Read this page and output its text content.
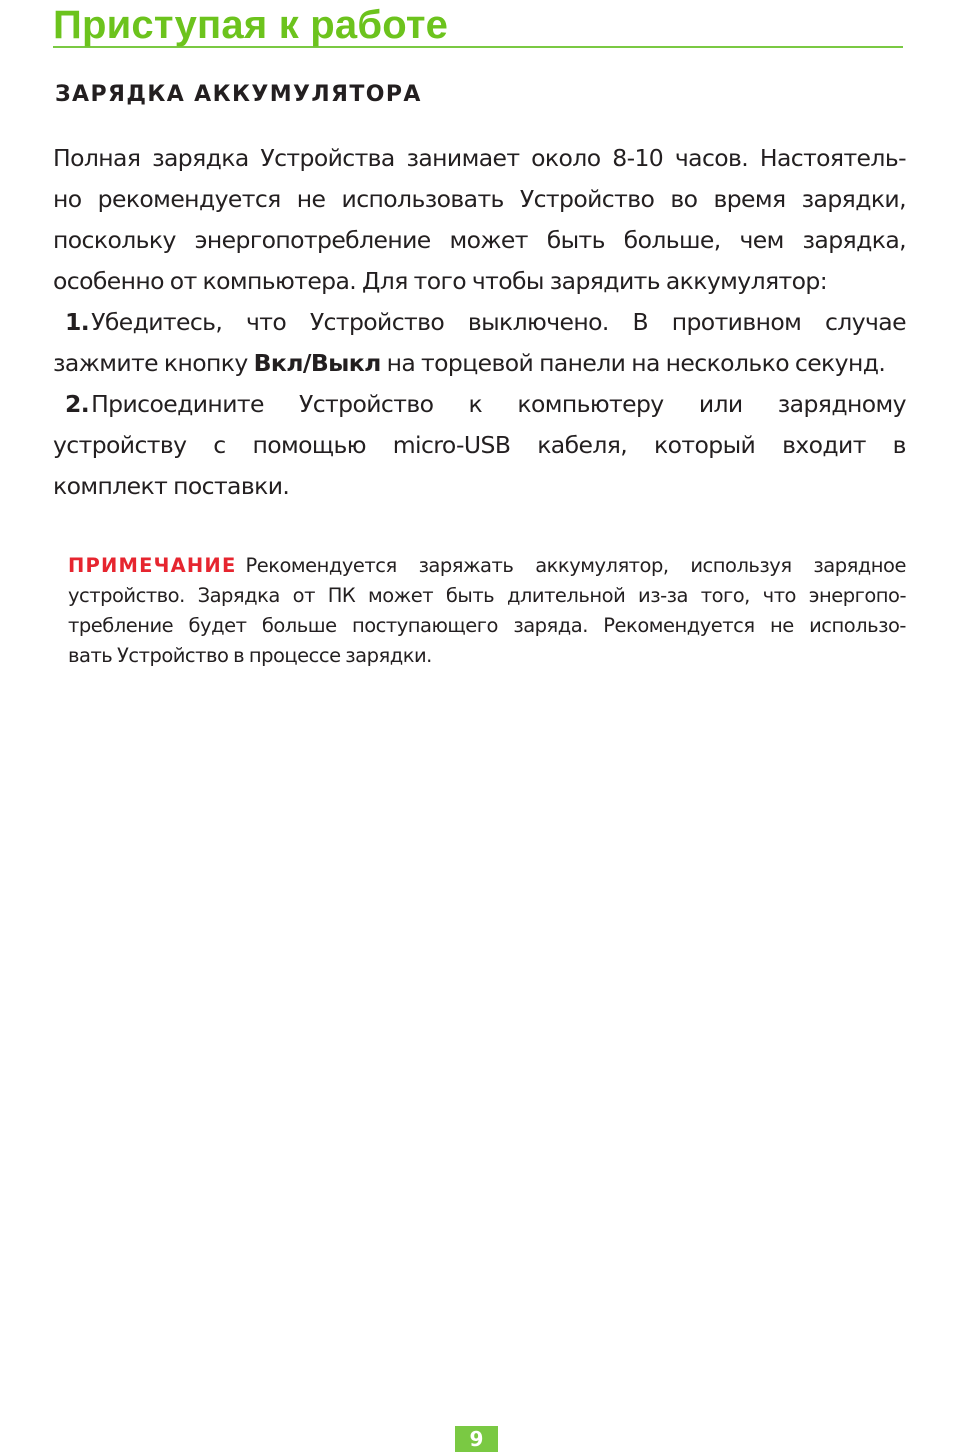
Приступая к работе
ЗАРЯДКА АККУМУЛЯТОРА
Полная зарядка Устройства занимает около 8-10 часов. Настоятель-
но рекомендуется не использовать Устройство во время зарядки,
поскольку энергопотребление может быть больше, чем зарядка,
особенно от компьютера. Для того чтобы зарядить аккумулятор:
1. Убедитесь, что Устройство выключено. В противном случае
зажмите кнопку Вкл/Выкл на торцевой панели на несколько секунд.
2. Присоедините Устройство к компьютеру или зарядному
устройству с помощью micro-USB кабеля, который входит в
комплект поставки.
ПРИМЕЧАНИЕ Рекомендуется заряжать аккумулятор, используя зарядное
устройство. Зарядка от ПК может быть длительной из-за того, что энергопо-
требление будет больше поступающего заряда. Рекомендуется не использо-
вать Устройство в процессе зарядки.
9
